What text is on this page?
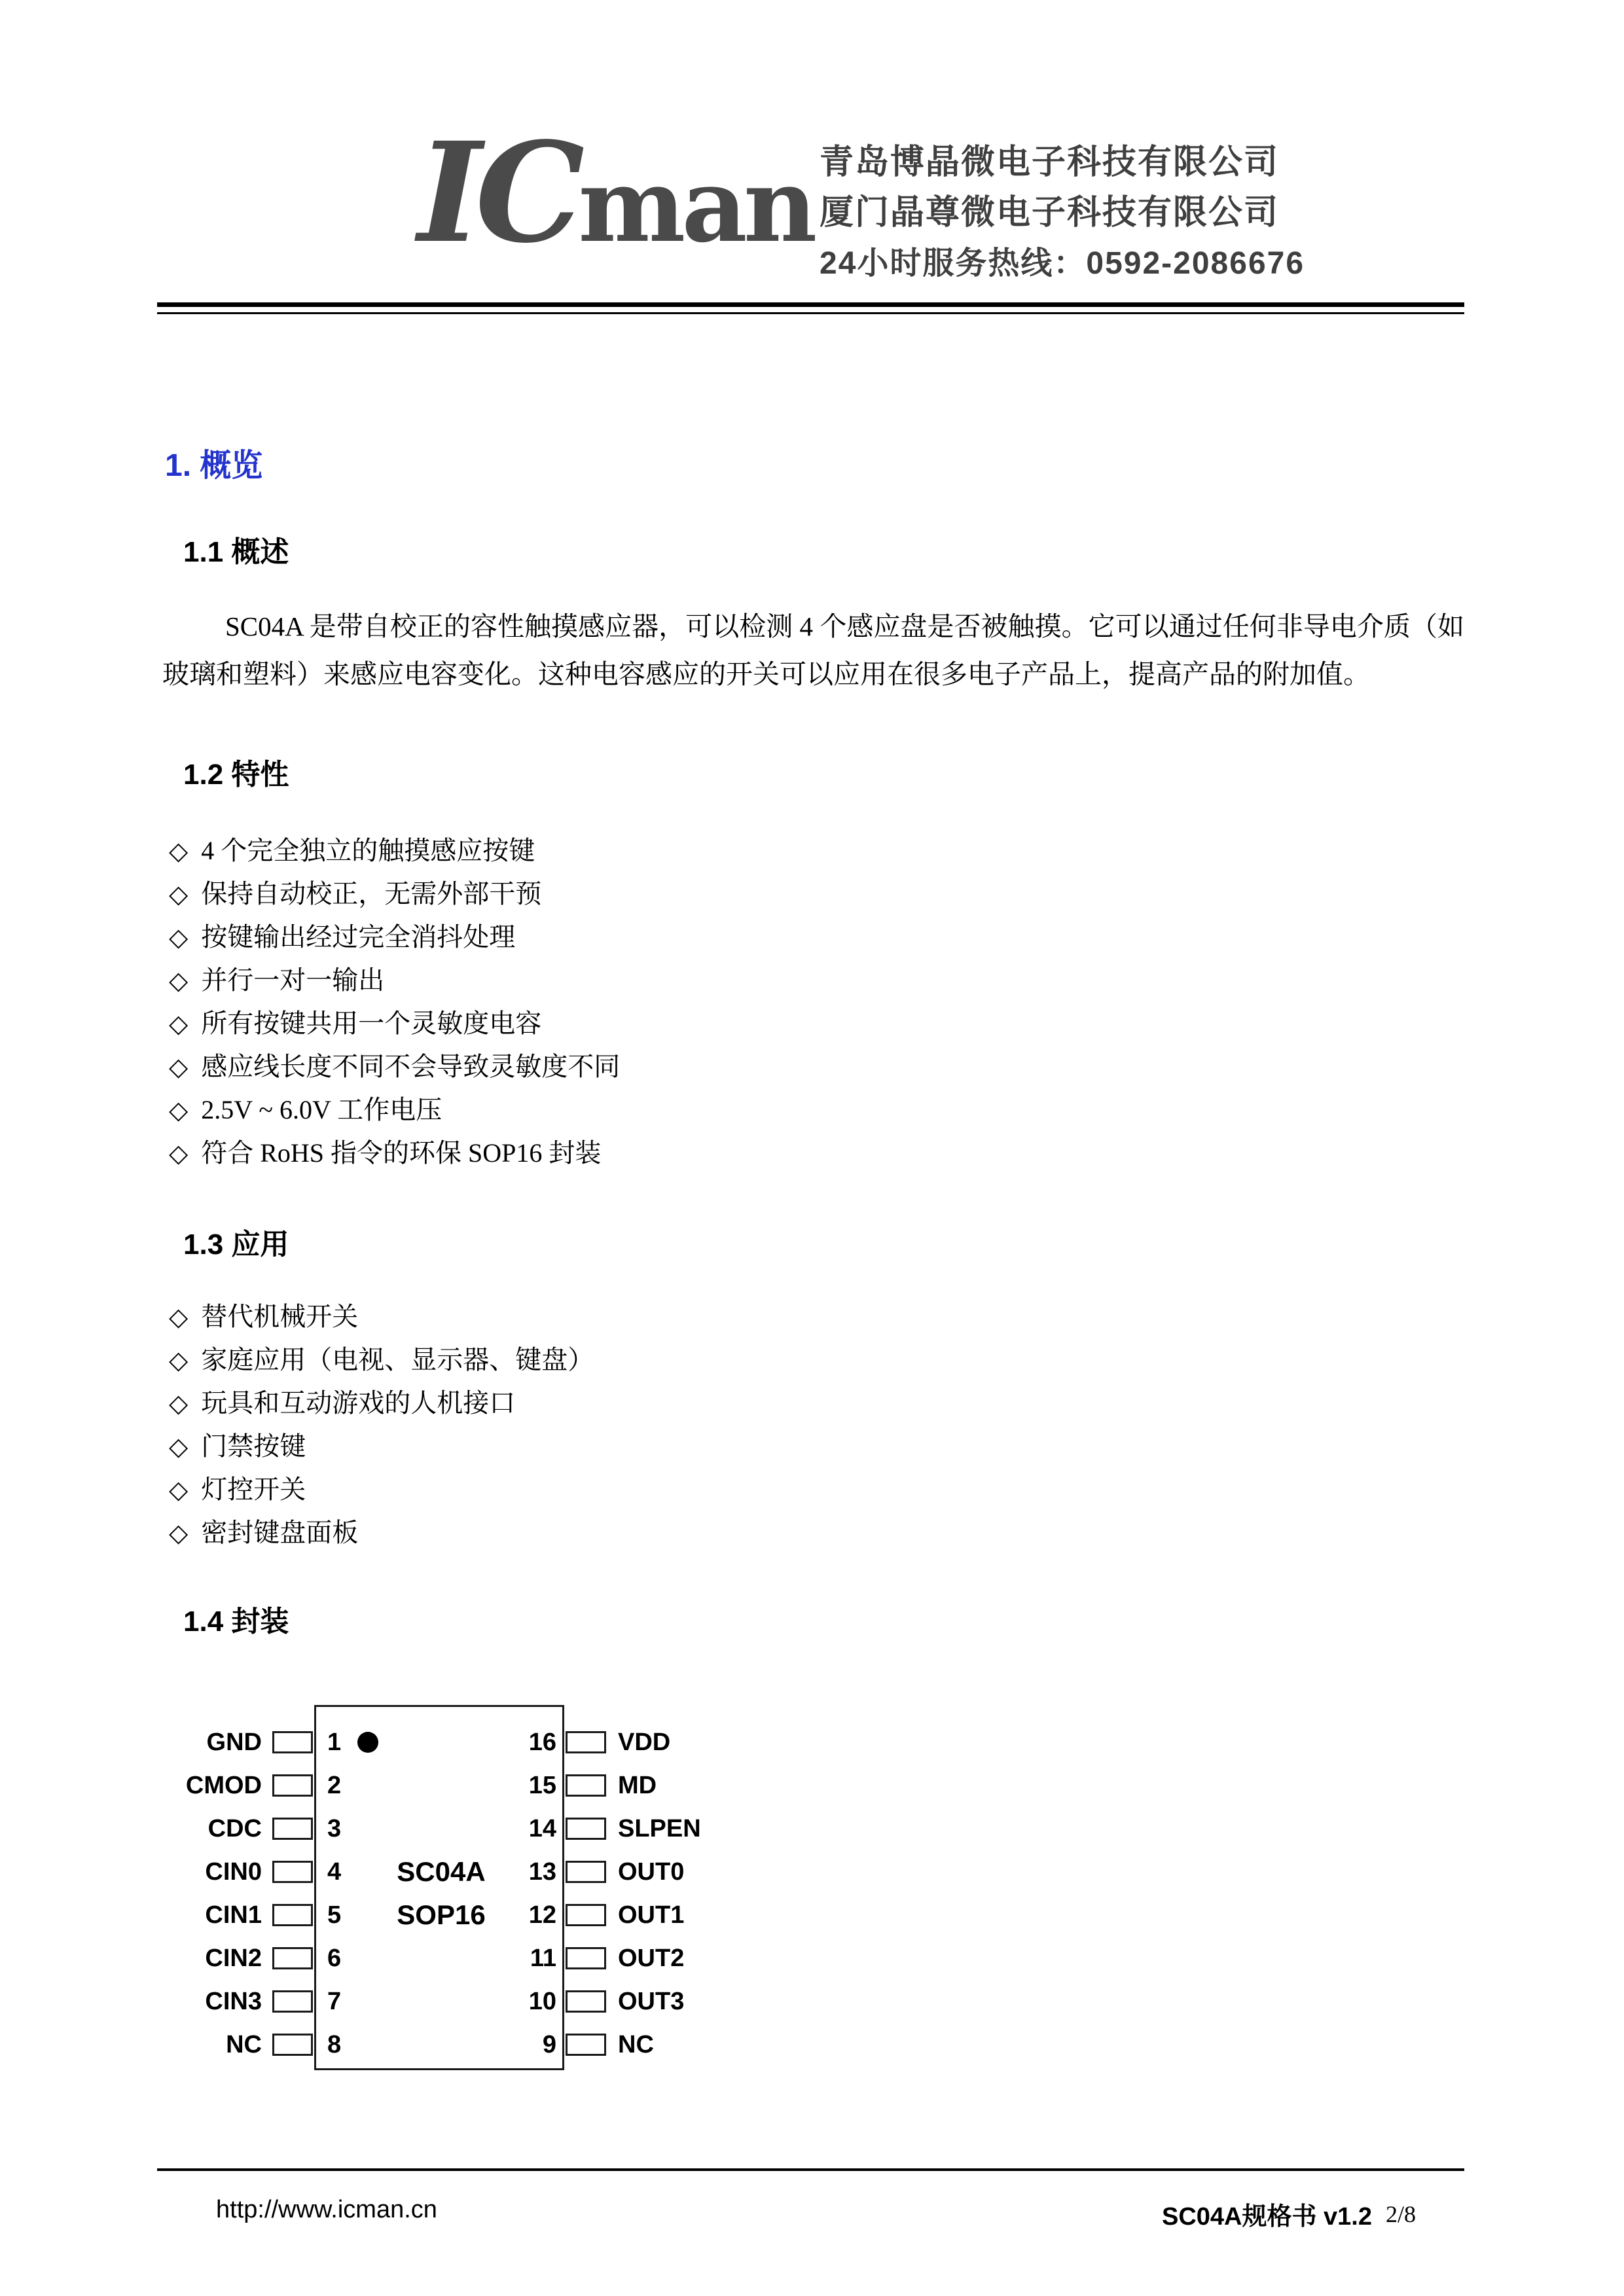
IC man 青岛博晶微电子科技有限公司
厦门晶尊微电子科技有限公司
24小时服务热线：0592-2086676
1. 概览
1.1 概述

SC04A 是带自校正的容性触摸感应器，可以检测 4 个感应盘是否被触摸。它可以通过任何非导电介质（如玻璃和塑料）来感应电容变化。这种电容感应的开关可以应用在很多电子产品上，提高产品的附加值。

1.2 特性
◇ 4 个完全独立的触摸感应按键
◇ 保持自动校正，无需外部干预
◇ 按键输出经过完全消抖处理
◇ 并行一对一输出
◇ 所有按键共用一个灵敏度电容
◇ 感应线长度不同不会导致灵敏度不同
◇ 2.5V ~ 6.0V 工作电压
◇ 符合 RoHS 指令的环保 SOP16 封装
1.3 应用
◇ 替代机械开关
◇ 家庭应用（电视、显示器、键盘）
◇ 玩具和互动游戏的人机接口
◇ 门禁按键
◇ 灯控开关
◇ 密封键盘面板
1.4 封装
SC04A
SOP16
GND	1
CMOD	2
CDC	3
CIN0	4
CIN1	5
CIN2	6
CIN3	7
NC	8
16 VDD
15 MD
14 SLPEN
13 OUT0
12 OUT1
11 OUT2
10 OUT3
9 NC
http://www.icman.cn	SC04A规格书 v1.2 2/8
